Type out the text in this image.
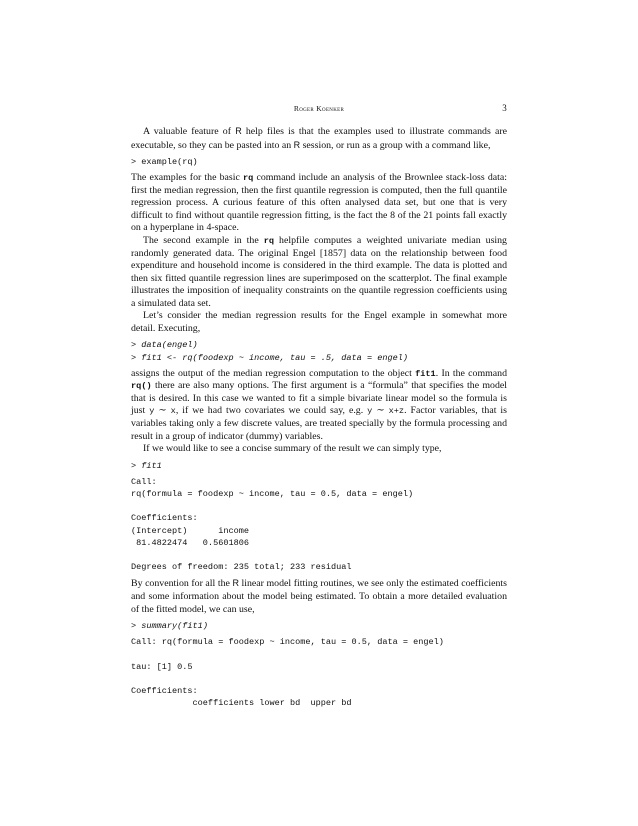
Roger Koenker	3

A valuable feature of R help files is that the examples used to illustrate commands are executable, so they can be pasted into an R session, or run as a group with a command like,

> example(rq)

The examples for the basic rq command include an analysis of the Brownlee stack-loss data: first the median regression, then the first quantile regression is computed, then the full quantile regression process. A curious feature of this often analysed data set, but one that is very difficult to find without quantile regression fitting, is the fact the 8 of the 21 points fall exactly on a hyperplane in 4-space.

The second example in the rq helpfile computes a weighted univariate median using randomly generated data. The original Engel [1857] data on the relationship between food expenditure and household income is considered in the third example. The data is plotted and then six fitted quantile regression lines are superimposed on the scatterplot. The final example illustrates the imposition of inequality constraints on the quantile regression coefficients using a simulated data set.

Let’s consider the median regression results for the Engel example in somewhat more detail. Executing,

> data(engel)
> fit1 <- rq(foodexp ~ income, tau = .5, data = engel)

assigns the output of the median regression computation to the object fit1. In the command rq() there are also many options. The first argument is a “formula” that specifies the model that is desired. In this case we wanted to fit a simple bivariate linear model so the formula is just y ∼ x, if we had two covariates we could say, e.g. y ∼ x+z. Factor variables, that is variables taking only a few discrete values, are treated specially by the formula processing and result in a group of indicator (dummy) variables.

If we would like to see a concise summary of the result we can simply type,

> fit1
Call:
rq(formula = foodexp ~ income, tau = 0.5, data = engel)

Coefficients:
(Intercept)      income
81.4822474   0.5601806

Degrees of freedom: 235 total; 233 residual

By convention for all the R linear model fitting routines, we see only the estimated coefficients and some information about the model being estimated. To obtain a more detailed evaluation of the fitted model, we can use,

> summary(fit1)
Call: rq(formula = foodexp ~ income, tau = 0.5, data = engel)

tau: [1] 0.5

Coefficients:
coefficients lower bd  upper bd
